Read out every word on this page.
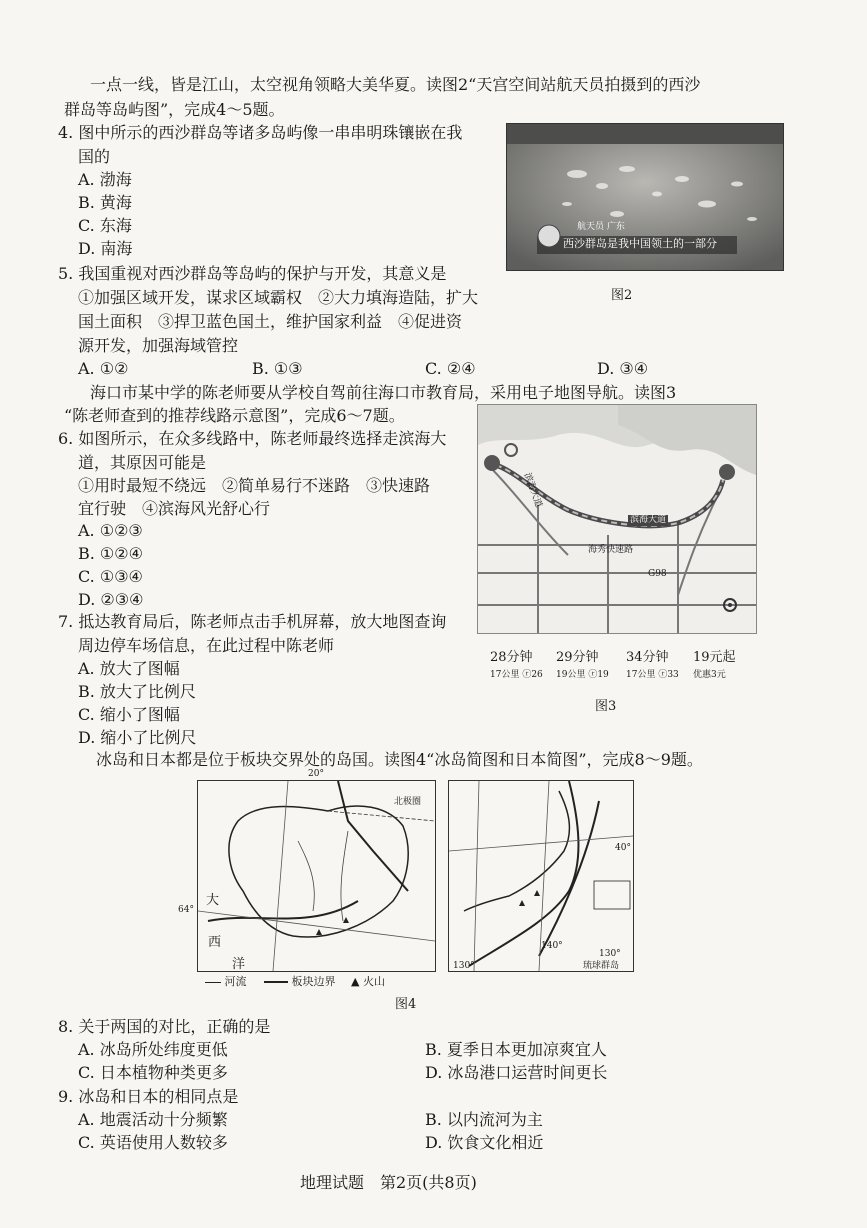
一点一线，皆是江山，太空视角领略大美华夏。读图2“天宫空间站航天员拍摄到的西沙
群岛等岛屿图”，完成4～5题。
4. 图中所示的西沙群岛等诸多岛屿像一串串明珠镶嵌在我
国的
A. 渤海
B. 黄海
C. 东海
D. 南海
航天员 广东
西沙群岛是我中国领土的一部分
图2
5. 我国重视对西沙群岛等岛屿的保护与开发，其意义是
①加强区域开发，谋求区域霸权　②大力填海造陆，扩大
国土面积　③捍卫蓝色国土，维护国家利益　④促进资
源开发，加强海域管控
A. ①②	B. ①③	C. ②④	D. ③④
海口市某中学的陈老师要从学校自驾前往海口市教育局，采用电子地图导航。读图3
“陈老师查到的推荐线路示意图”，完成6～7题。
6. 如图所示，在众多线路中，陈老师最终选择走滨海大
道，其原因可能是
①用时最短不绕远　②简单易行不迷路　③快速路
宜行驶　④滨海风光舒心行
A. ①②③
B. ①②④
C. ①③④
D. ②③④
滨海大道
滨海大道
海秀快速路
G98
28分钟
17公里 ⓡ26
29分钟
19公里 ⓡ19
34分钟
17公里 ⓡ33
19元起
优惠3元
图3
7. 抵达教育局后，陈老师点击手机屏幕，放大地图查询
周边停车场信息，在此过程中陈老师
A. 放大了图幅
B. 放大了比例尺
C. 缩小了图幅
D. 缩小了比例尺
冰岛和日本都是位于板块交界处的岛国。读图4“冰岛简图和日本简图”，完成8～9题。
20°
64°
北极圈
大
西
洋
40°
140°
130°
130°
琉球群岛
河流	板块边界 ▲ 火山
图4
8. 关于两国的对比，正确的是
A. 冰岛所处纬度更低	B. 夏季日本更加凉爽宜人
C. 日本植物种类更多	D. 冰岛港口运营时间更长
9. 冰岛和日本的相同点是
A. 地震活动十分频繁	B. 以内流河为主
C. 英语使用人数较多	D. 饮食文化相近
地理试题　第2页(共8页)
